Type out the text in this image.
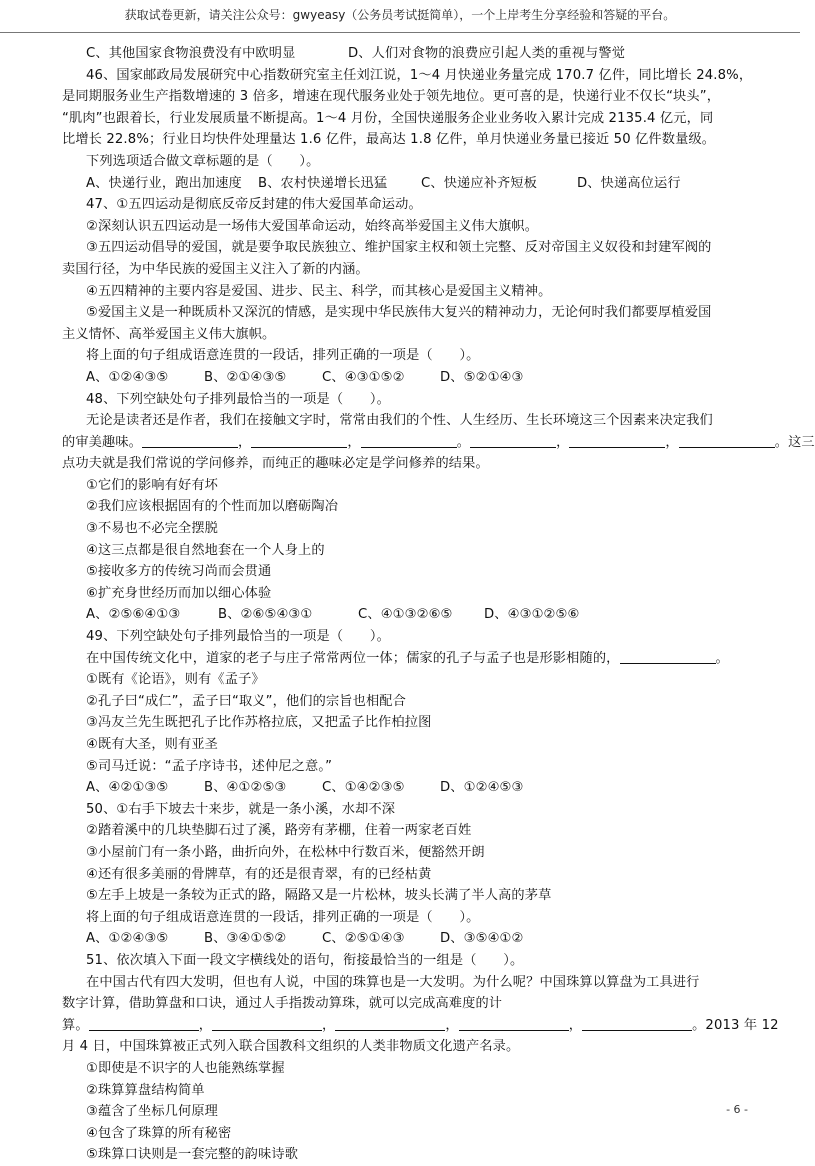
获取试卷更新，请关注公众号：gwyeasy（公务员考试挺简单），一个上岸考生分享经验和答疑的平台。
C、其他国家食物浪费没有中欧明显	D、人们对食物的浪费应引起人类的重视与警觉
46、国家邮政局发展研究中心指数研究室主任刘江说，1～4 月快递业务量完成 170.7 亿件，同比增长 24.8%，
是同期服务业生产指数增速的 3 倍多，增速在现代服务业处于领先地位。更可喜的是，快递行业不仅长“块头”，
“肌肉”也跟着长，行业发展质量不断提高。1～4 月份，全国快递服务企业业务收入累计完成 2135.4 亿元，同
比增长 22.8%；行业日均快件处理量达 1.6 亿件，最高达 1.8 亿件，单月快递业务量已接近 50 亿件数量级。
下列选项适合做文章标题的是（　　）。
A、快递行业，跑出加速度 B、农村快递增长迅猛	C、快递应补齐短板	D、快递高位运行
47、①五四运动是彻底反帝反封建的伟大爱国革命运动。
②深刻认识五四运动是一场伟大爱国革命运动，始终高举爱国主义伟大旗帜。
③五四运动倡导的爱国，就是要争取民族独立、维护国家主权和领土完整、反对帝国主义奴役和封建军阀的
卖国行径，为中华民族的爱国主义注入了新的内涵。
④五四精神的主要内容是爱国、进步、民主、科学，而其核心是爱国主义精神。
⑤爱国主义是一种既质朴又深沉的情感，是实现中华民族伟大复兴的精神动力，无论何时我们都要厚植爱国
主义情怀、高举爱国主义伟大旗帜。
将上面的句子组成语意连贯的一段话，排列正确的一项是（　　）。
A、①②④③⑤	B、②①④③⑤	C、④③①⑤②	D、⑤②①④③
48、下列空缺处句子排列最恰当的一项是（　　）。
无论是读者还是作者，我们在接触文字时，常常由我们的个性、人生经历、生长环境这三个因素来决定我们
的审美趣味。	，	，	。	，	，	。这三
点功夫就是我们常说的学问修养，而纯正的趣味必定是学问修养的结果。
①它们的影响有好有坏
②我们应该根据固有的个性而加以磨砺陶冶
③不易也不必完全摆脱
④这三点都是很自然地套在一个人身上的
⑤接收多方的传统习尚而会贯通
⑥扩充身世经历而加以细心体验
A、②⑤⑥④①③	B、②⑥⑤④③①	C、④①③②⑥⑤ D、④③①②⑤⑥
49、下列空缺处句子排列最恰当的一项是（　　）。
在中国传统文化中，道家的老子与庄子常常两位一体；儒家的孔子与孟子也是形影相随的，	。
①既有《论语》，则有《孟子》
②孔子曰“成仁”，孟子曰“取义”，他们的宗旨也相配合
③冯友兰先生既把孔子比作苏格拉底，又把孟子比作柏拉图
④既有大圣，则有亚圣
⑤司马迁说：“孟子序诗书，述仲尼之意。”
A、④②①③⑤	B、④①②⑤③	C、①④②③⑤	D、①②④⑤③
50、①右手下坡去十来步，就是一条小溪，水却不深
②踏着溪中的几块垫脚石过了溪，路旁有茅棚，住着一两家老百姓
③小屋前门有一条小路，曲折向外，在松林中行数百米，便豁然开朗
④还有很多美丽的骨牌草，有的还是很青翠，有的已经枯黄
⑤左手上坡是一条较为正式的路，隔路又是一片松林，坡头长满了半人高的茅草
将上面的句子组成语意连贯的一段话，排列正确的一项是（　　）。
A、①②④③⑤	B、③④①⑤②	C、②⑤①④③	D、③⑤④①②
51、依次填入下面一段文字横线处的语句，衔接最恰当的一组是（　　）。
在中国古代有四大发明，但也有人说，中国的珠算也是一大发明。为什么呢？中国珠算以算盘为工具进行
数字计算，借助算盘和口诀，通过人手指拨动算珠，就可以完成高难度的计
算。	，	，	，	，	。2013 年 12
月 4 日，中国珠算被正式列入联合国教科文组织的人类非物质文化遗产名录。
①即使是不识字的人也能熟练掌握
②珠算算盘结构简单
③蕴含了坐标几何原理
④包含了珠算的所有秘密
⑤珠算口诀则是一套完整的韵味诗歌
- 6 -
